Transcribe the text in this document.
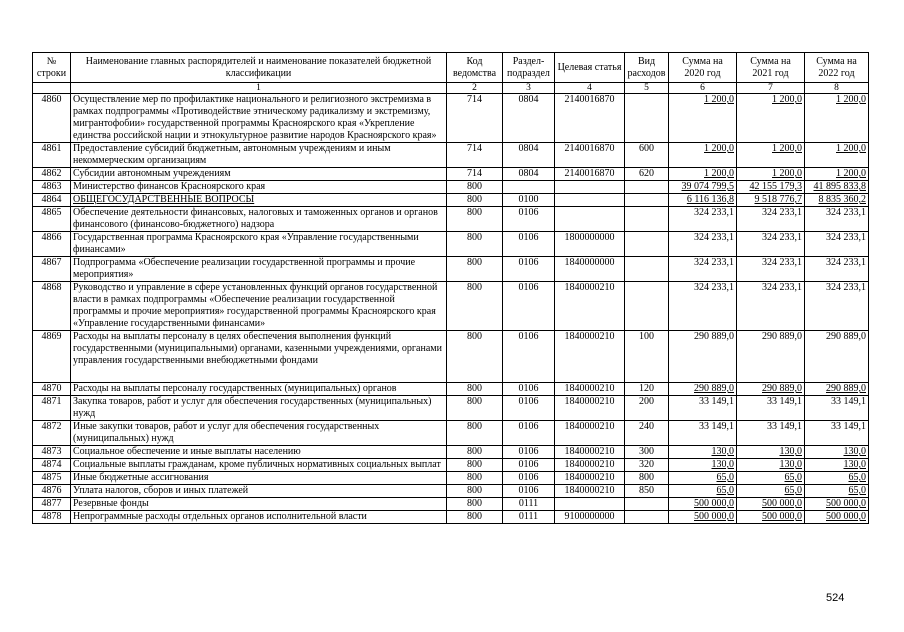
№ строки	Наименование главных распорядителей и наименование показателей бюджетной классификации	Код ведомства	Раздел-подраздел	Целевая статья	Вид расходов	Сумма на 2020 год	Сумма на 2021 год	Сумма на 2022 год
	1	2	3	4	5	6	7	8
4860	Осуществление мер по профилактике национального и религиозного экстремизма в рамках подпрограммы «Противодействие этническому радикализму и экстремизму, мигрантофобии» государственной программы Красноярского края «Укрепление единства российской нации и этнокультурное развитие народов Красноярского края»	714	0804	2140016870		1 200,0	1 200,0	1 200,0
4861	Предоставление субсидий бюджетным, автономным учреждениям и иным некоммерческим организациям	714	0804	2140016870	600	1 200,0	1 200,0	1 200,0
4862	Субсидии автономным учреждениям	714	0804	2140016870	620	1 200,0	1 200,0	1 200,0
4863	Министерство финансов Красноярского края	800				39 074 799,5	42 155 179,3	41 895 833,8
4864	ОБЩЕГОСУДАРСТВЕННЫЕ ВОПРОСЫ	800	0100			6 116 136,8	9 518 776,7	8 835 360,2
4865	Обеспечение деятельности финансовых, налоговых и таможенных органов и органов финансового (финансово-бюджетного) надзора	800	0106			324 233,1	324 233,1	324 233,1
4866	Государственная программа Красноярского края «Управление государственными финансами»	800	0106	1800000000		324 233,1	324 233,1	324 233,1
4867	Подпрограмма «Обеспечение реализации государственной программы и прочие мероприятия»	800	0106	1840000000		324 233,1	324 233,1	324 233,1
4868	Руководство и управление в сфере установленных функций органов государственной власти в рамках подпрограммы «Обеспечение реализации государственной программы и прочие мероприятия» государственной программы Красноярского края «Управление государственными финансами»	800	0106	1840000210		324 233,1	324 233,1	324 233,1
4869	Расходы на выплаты персоналу в целях обеспечения выполнения функций государственными (муниципальными) органами, казенными учреждениями, органами управления государственными внебюджетными фондами	800	0106	1840000210	100	290 889,0	290 889,0	290 889,0
4870	Расходы на выплаты персоналу государственных (муниципальных) органов	800	0106	1840000210	120	290 889,0	290 889,0	290 889,0
4871	Закупка товаров, работ и услуг для обеспечения государственных (муниципальных) нужд	800	0106	1840000210	200	33 149,1	33 149,1	33 149,1
4872	Иные закупки товаров, работ и услуг для обеспечения государственных (муниципальных) нужд	800	0106	1840000210	240	33 149,1	33 149,1	33 149,1
4873	Социальное обеспечение и иные выплаты населению	800	0106	1840000210	300	130,0	130,0	130,0
4874	Социальные выплаты гражданам, кроме публичных нормативных социальных выплат	800	0106	1840000210	320	130,0	130,0	130,0
4875	Иные бюджетные ассигнования	800	0106	1840000210	800	65,0	65,0	65,0
4876	Уплата налогов, сборов и иных платежей	800	0106	1840000210	850	65,0	65,0	65,0
4877	Резервные фонды	800	0111			500 000,0	500 000,0	500 000,0
4878	Непрограммные расходы отдельных органов исполнительной власти	800	0111	9100000000		500 000,0	500 000,0	500 000,0
524
